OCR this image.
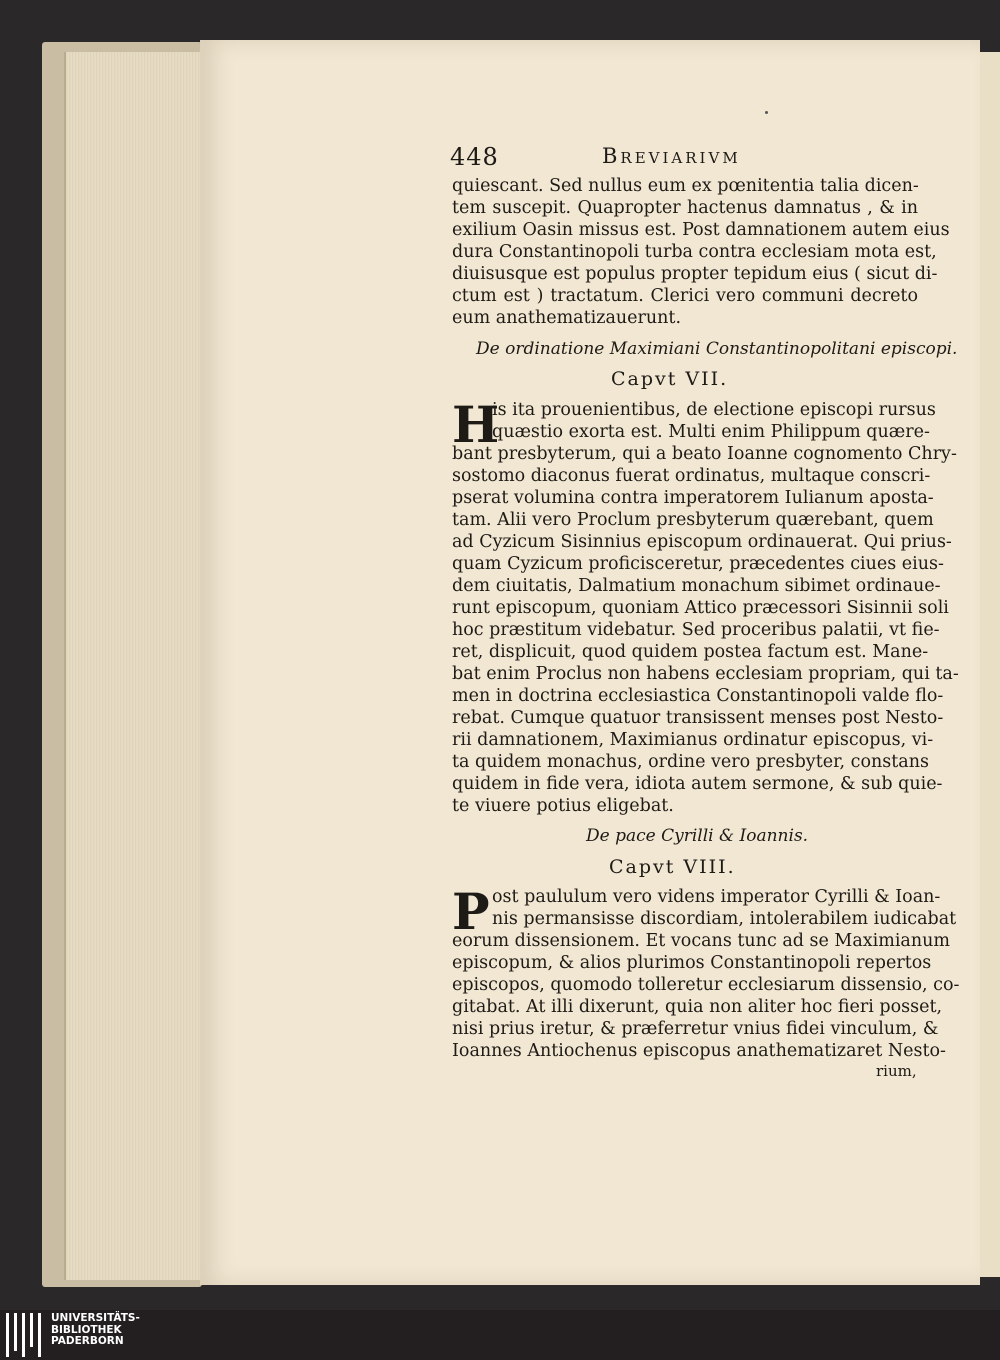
448	Breviarivm
quiescant. Sed nullus eum ex pœnitentia talia dicen-
tem suscepit. Quapropter hactenus damnatus , & in
exilium Oasin missus est. Post damnationem autem eius
dura Constantinopoli turba contra ecclesiam mota est,
diuisusque est populus propter tepidum eius ( sicut di-
ctum est ) tractatum. Clerici vero communi decreto
eum anathematizauerunt.
De ordinatione Maximiani Constantinopolitani episcopi.
Capvt VII.
H
is ita prouenientibus, de electione episcopi rursus
quæstio exorta est. Multi enim Philippum quære-
bant presbyterum, qui a beato Ioanne cognomento Chry-
sostomo diaconus fuerat ordinatus, multaque conscri-
pserat volumina contra imperatorem Iulianum aposta-
tam. Alii vero Proclum presbyterum quærebant, quem
ad Cyzicum Sisinnius episcopum ordinauerat. Qui prius-
quam Cyzicum proficisceretur, præcedentes ciues eius-
dem ciuitatis, Dalmatium monachum sibimet ordinaue-
runt episcopum, quoniam Attico præcessori Sisinnii soli
hoc præstitum videbatur. Sed proceribus palatii, vt fie-
ret, displicuit, quod quidem postea factum est. Mane-
bat enim Proclus non habens ecclesiam propriam, qui ta-
men in doctrina ecclesiastica Constantinopoli valde flo-
rebat. Cumque quatuor transissent menses post Nesto-
rii damnationem, Maximianus ordinatur episcopus, vi-
ta quidem monachus, ordine vero presbyter, constans
quidem in fide vera, idiota autem sermone, & sub quie-
te viuere potius eligebat.
De pace Cyrilli & Ioannis.
Capvt VIII.
P ost paululum vero videns imperator Cyrilli & Ioan-
nis permansisse discordiam, intolerabilem iudicabat
eorum dissensionem. Et vocans tunc ad se Maximianum
episcopum, & alios plurimos Constantinopoli repertos
episcopos, quomodo tolleretur ecclesiarum dissensio, co-
gitabat. At illi dixerunt, quia non aliter hoc fieri posset,
nisi prius iretur, & præferretur vnius fidei vinculum, &
Ioannes Antiochenus episcopus anathematizaret Nesto-
rium,
UNIVERSITÄTS-
BIBLIOTHEK
PADERBORN
